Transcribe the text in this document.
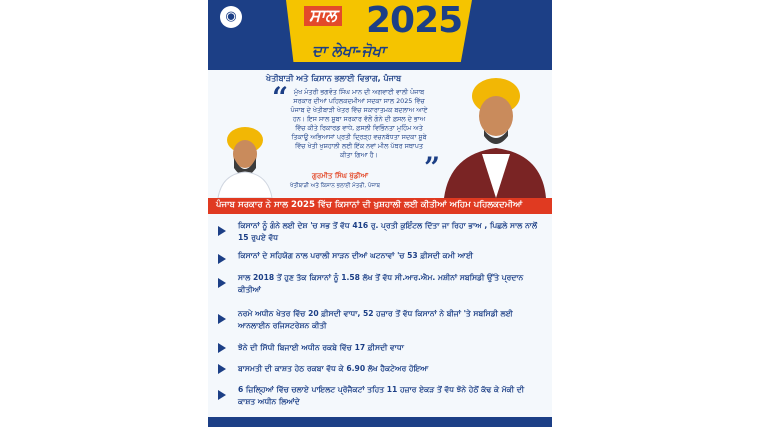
◉	ਸਾਲ 2025
ਦਾ ਲੇਖਾ-ਜੋਖਾ
ਖੇਤੀਬਾੜੀ ਅਤੇ ਕਿਸਾਨ ਭਲਾਈ ਵਿਭਾਗ, ਪੰਜਾਬ
“ ਮੁੱਖ ਮੰਤਰੀ ਭਗਵੰਤ ਸਿੰਘ ਮਾਨ ਦੀ ਅਗਵਾਈ ਵਾਲੀ ਪੰਜਾਬ ਸਰਕਾਰ ਦੀਆਂ ਪਹਿਲਕਦਮੀਆਂ ਸਦਕਾ ਸਾਲ 2025 ਵਿੱਚ ਪੰਜਾਬ ਦੇ ਖੇਤੀਬਾੜੀ ਖੇਤਰ ਵਿੱਚ ਸਕਾਰਾਤਮਕ ਬਦਲਾਅ ਆਏ ਹਨ। ਇਸ ਸਾਲ ਸੂਬਾ ਸਰਕਾਰ ਵੱਲੋਂ ਗੰਨੇ ਦੀ ਫ਼ਸਲ ਦੇ ਭਾਅ ਵਿੱਚ ਕੀਤੇ ਰਿਕਾਰਡ ਵਾਧੇ, ਫ਼ਸਲੀ ਵਿਭਿੰਨਤਾ ਮੁਹਿੰਮ ਅਤੇ ਤਿਕਾਊ ਅਭਿਆਸਾਂ ਪ੍ਰਤੀ ਦ੍ਰਿੜ੍ਹ ਵਚਨਬੱਧਤਾ ਸਦਕਾ ਸੂਬੇ ਵਿੱਚ ਖੇਤੀ ਖੁਸ਼ਹਾਲੀ ਲਈ ਇੱਕ ਨਵਾਂ ਮੀਲ ਪੱਥਰ ਸਥਾਪਤ ਕੀਤਾ ਗਿਆ ਹੈ।	”
ਗੁਰਮੀਤ ਸਿੰਘ ਖੁੱਡੀਆਂ
ਖੇਤੀਬਾੜੀ ਅਤੇ ਕਿਸਾਨ ਭਲਾਈ ਮੰਤਰੀ, ਪੰਜਾਬ
ਪੰਜਾਬ ਸਰਕਾਰ ਨੇ ਸਾਲ 2025 ਵਿੱਚ ਕਿਸਾਨਾਂ ਦੀ ਖੁਸ਼ਹਾਲੀ ਲਈ ਕੀਤੀਆਂ ਅਹਿਮ ਪਹਿਲਕਦਮੀਆਂ
ਕਿਸਾਨਾਂ ਨੂੰ ਗੰਨੇ ਲਈ ਦੇਸ਼ 'ਚ ਸਭ ਤੋਂ ਵੱਧ 416 ਰੁ. ਪ੍ਰਤੀ ਕੁਇੰਟਲ ਦਿੱਤਾ ਜਾ ਰਿਹਾ ਭਾਅ , ਪਿਛਲੇ ਸਾਲ ਨਾਲੋਂ 15 ਰੁਪਏ ਵੱਧ
ਕਿਸਾਨਾਂ ਦੇ ਸਹਿਯੋਗ ਨਾਲ ਪਰਾਲੀ ਸਾੜਨ ਦੀਆਂ ਘਟਨਾਵਾਂ 'ਚ 53 ਫ਼ੀਸਦੀ ਕਮੀ ਆਈ
ਸਾਲ 2018 ਤੋਂ ਹੁਣ ਤੱਕ ਕਿਸਾਨਾਂ ਨੂੰ 1.58 ਲੱਖ ਤੋਂ ਵੱਧ ਸੀ.ਆਰ.ਐਮ. ਮਸ਼ੀਨਾਂ ਸਬਸਿਡੀ ਉੱਤੇ ਪ੍ਰਦਾਨ ਕੀਤੀਆਂ
ਨਰਮੇ ਅਧੀਨ ਖੇਤਰ ਵਿੱਚ 20 ਫ਼ੀਸਦੀ ਵਾਧਾ, 52 ਹਜ਼ਾਰ ਤੋਂ ਵੱਧ ਕਿਸਾਨਾਂ ਨੇ ਬੀਜਾਂ 'ਤੇ ਸਬਸਿਡੀ ਲਈ ਆਨਲਾਈਨ ਰਜਿਸਟਰੇਸ਼ਨ ਕੀਤੀ
ਝੋਨੇ ਦੀ ਸਿੱਧੀ ਬਿਜਾਈ ਅਧੀਨ ਰਕਬੇ ਵਿੱਚ 17 ਫ਼ੀਸਦੀ ਵਾਧਾ
ਬਾਸਮਤੀ ਦੀ ਕਾਸ਼ਤ ਹੇਠ ਰਕਬਾ ਵੱਧ ਕੇ 6.90 ਲੱਖ ਹੈਕਟੇਅਰ ਹੋਇਆ
6 ਜ਼ਿਲ੍ਹਿਆਂ ਵਿੱਚ ਚਲਾਏ ਪਾਇਲਟ ਪ੍ਰੋਜੈਕਟਾਂ ਤਹਿਤ 11 ਹਜ਼ਾਰ ਏਕੜ ਤੋਂ ਵੱਧ ਝੋਨੇ ਹੇਠੋਂ ਕੱਢ ਕੇ ਮੱਕੀ ਦੀ ਕਾਸ਼ਤ ਅਧੀਨ ਲਿਆਂਦੇ
